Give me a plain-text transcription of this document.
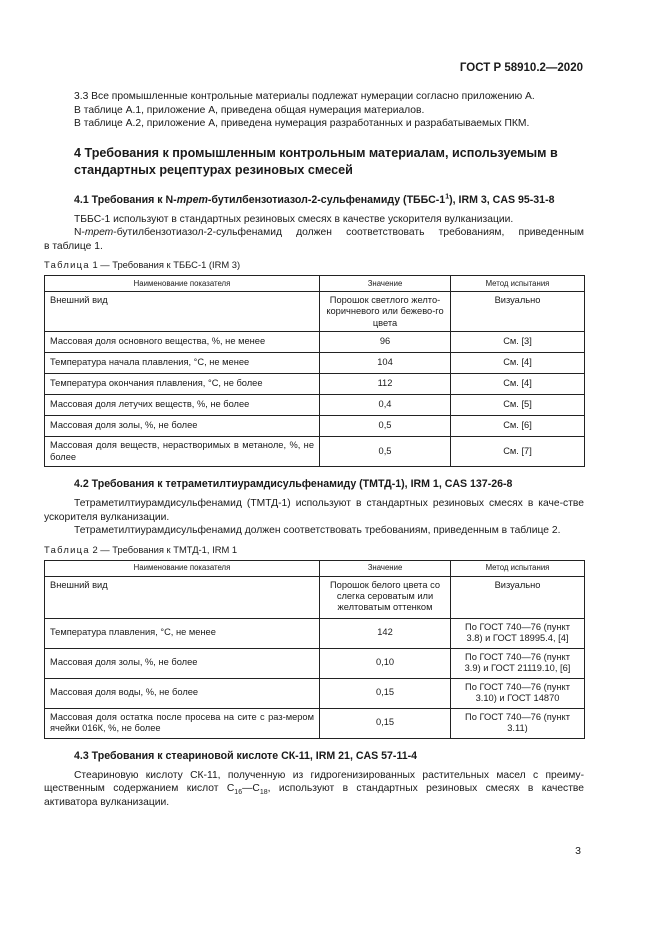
ГОСТ Р 58910.2—2020

3.3 Все промышленные контрольные материалы подлежат нумерации согласно приложению А.

В таблице А.1, приложение А, приведена общая нумерация материалов.

В таблице А.2, приложение А, приведена нумерация разработанных и разрабатываемых ПКМ.

4 Требования к промышленным контрольным материалам, используемым в стандартных рецептурах резиновых смесей
4.1 Требования к N-трет-бутилбензотиазол-2-сульфенамиду $(ТББС-1^1)$, IRM 3, CAS 95-31-8

ТББС-1 используют в стандартных резиновых смесях в качестве ускорителя вулканизации.

N-трет-бутилбензотиазол-2-сульфенамид должен соответствовать требованиям, приведенным

в таблице 1.

Таблица 1 — Требования к ТББС-1 (IRM 3)
Наименование показателя	Значение	Метод испытания
Внешний вид	Порошок светлого желто-коричневого или бежево-го цвета	Визуально
Массовая доля основного вещества, %, не менее	96	См. [3]
Температура начала плавления, °С, не менее	104	См. [4]
Температура окончания плавления, °С, не более	112	См. [4]
Массовая доля летучих веществ, %, не более	0,4	См. [5]
Массовая доля золы, %, не более	0,5	См. [6]
Массовая доля веществ, нерастворимых в метаноле, %, не более	0,5	См. [7]
4.2 Требования к тетраметилтиурамдисульфенамиду (ТМТД-1), IRM 1, CAS 137-26-8

Тетраметилтиурамдисульфенамид (ТМТД-1) используют в стандартных резиновых смесях в каче-стве ускорителя вулканизации.

Тетраметилтиурамдисульфенамид должен соответствовать требованиям, приведенным в таблице 2.

Таблица 2 — Требования к ТМТД-1, IRM 1
Наименование показателя	Значение	Метод испытания
Внешний вид	Порошок белого цвета со слегка сероватым или желтоватым оттенком	Визуально
Температура плавления, °С, не менее	142	По ГОСТ 740—76 (пункт 3.8) и ГОСТ 18995.4, [4]
Массовая доля золы, %, не более	0,10	По ГОСТ 740—76 (пункт 3.9) и ГОСТ 21119.10, [6]
Массовая доля воды, %, не более	0,15	По ГОСТ 740—76 (пункт 3.10) и ГОСТ 14870
Массовая доля остатка после просева на сите с раз-мером ячейки 016К, %, не более	0,15	По ГОСТ 740—76 (пункт 3.11)
4.3 Требования к стеариновой кислоте СК-11, IRM 21, CAS 57-11-4

Стеариновую кислоту СК-11, полученную из гидрогенизированных растительных масел с преиму-щественным содержанием кислот $С_{16}—С_{18}$, используют в стандартных резиновых смесях в качестве активатора вулканизации.

3
